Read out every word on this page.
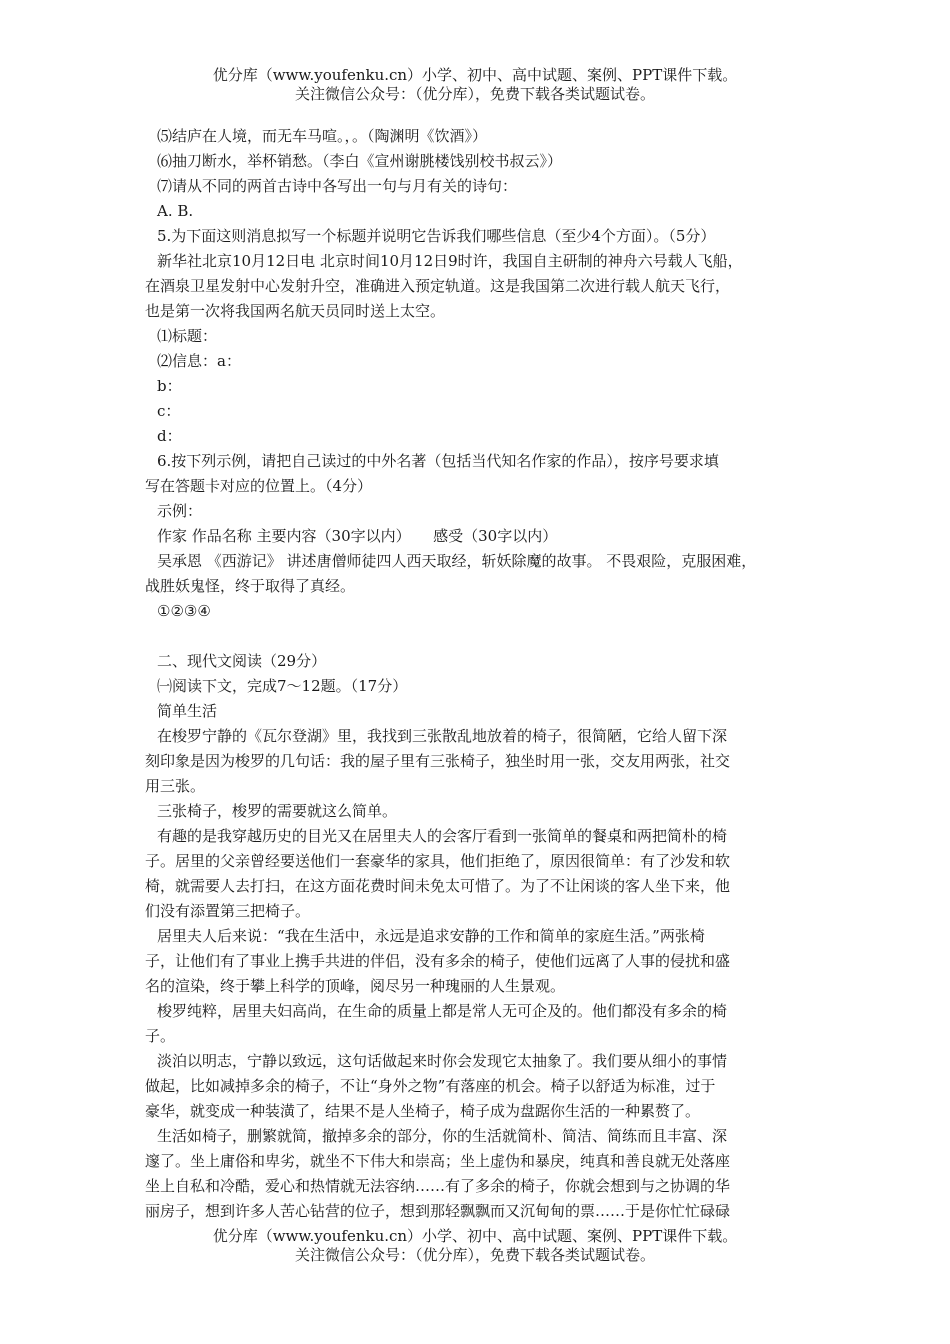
优分库（www.youfenku.cn）小学、初中、高中试题、案例、PPT课件下载。
关注微信公众号：（优分库），免费下载各类试题试卷。
⑸结庐在人境，而无车马喧。，。（陶渊明《饮酒》）
⑹抽刀断水，举杯销愁。（李白《宣州谢朓楼饯别校书叔云》）
⑺请从不同的两首古诗中各写出一句与月有关的诗句：
A. B.
5.为下面这则消息拟写一个标题并说明它告诉我们哪些信息（至少4个方面）。（5分）
新华社北京10月12日电 北京时间10月12日9时许，我国自主研制的神舟六号载人飞船，
在酒泉卫星发射中心发射升空，准确进入预定轨道。这是我国第二次进行载人航天飞行，
也是第一次将我国两名航天员同时送上太空。
⑴标题：
⑵信息：a：
b：
c：
d：
6.按下列示例，请把自己读过的中外名著（包括当代知名作家的作品），按序号要求填
写在答题卡对应的位置上。（4分）
示例：
作家 作品名称 主要内容（30字以内）　　感受（30字以内）
吴承恩 《西游记》 讲述唐僧师徒四人西天取经，斩妖除魔的故事。 不畏艰险，克服困难，
战胜妖鬼怪，终于取得了真经。
①②③④
二、现代文阅读（29分）
㈠阅读下文，完成7～12题。（17分）
简单生活
在梭罗宁静的《瓦尔登湖》里，我找到三张散乱地放着的椅子，很简陋，它给人留下深
刻印象是因为梭罗的几句话：我的屋子里有三张椅子，独坐时用一张，交友用两张，社交
用三张。
三张椅子，梭罗的需要就这么简单。
有趣的是我穿越历史的目光又在居里夫人的会客厅看到一张简单的餐桌和两把简朴的椅
子。居里的父亲曾经要送他们一套豪华的家具，他们拒绝了，原因很简单：有了沙发和软
椅，就需要人去打扫，在这方面花费时间未免太可惜了。为了不让闲谈的客人坐下来，他
们没有添置第三把椅子。
居里夫人后来说：“我在生活中，永远是追求安静的工作和简单的家庭生活。”两张椅
子，让他们有了事业上携手共进的伴侣，没有多余的椅子，使他们远离了人事的侵扰和盛
名的渲染，终于攀上科学的顶峰，阅尽另一种瑰丽的人生景观。
梭罗纯粹，居里夫妇高尚，在生命的质量上都是常人无可企及的。他们都没有多余的椅
子。
淡泊以明志，宁静以致远，这句话做起来时你会发现它太抽象了。我们要从细小的事情
做起，比如减掉多余的椅子，不让“身外之物”有落座的机会。椅子以舒适为标准，过于
豪华，就变成一种装潢了，结果不是人坐椅子，椅子成为盘踞你生活的一种累赘了。
生活如椅子，删繁就简，撤掉多余的部分，你的生活就简朴、简洁、简练而且丰富、深
邃了。坐上庸俗和卑劣，就坐不下伟大和崇高；坐上虚伪和暴戾，纯真和善良就无处落座
坐上自私和冷酷，爱心和热情就无法容纳……有了多余的椅子，你就会想到与之协调的华
丽房子，想到许多人苦心钻营的位子，想到那轻飘飘而又沉甸甸的票……于是你忙忙碌碌
优分库（www.youfenku.cn）小学、初中、高中试题、案例、PPT课件下载。
关注微信公众号：（优分库），免费下载各类试题试卷。
